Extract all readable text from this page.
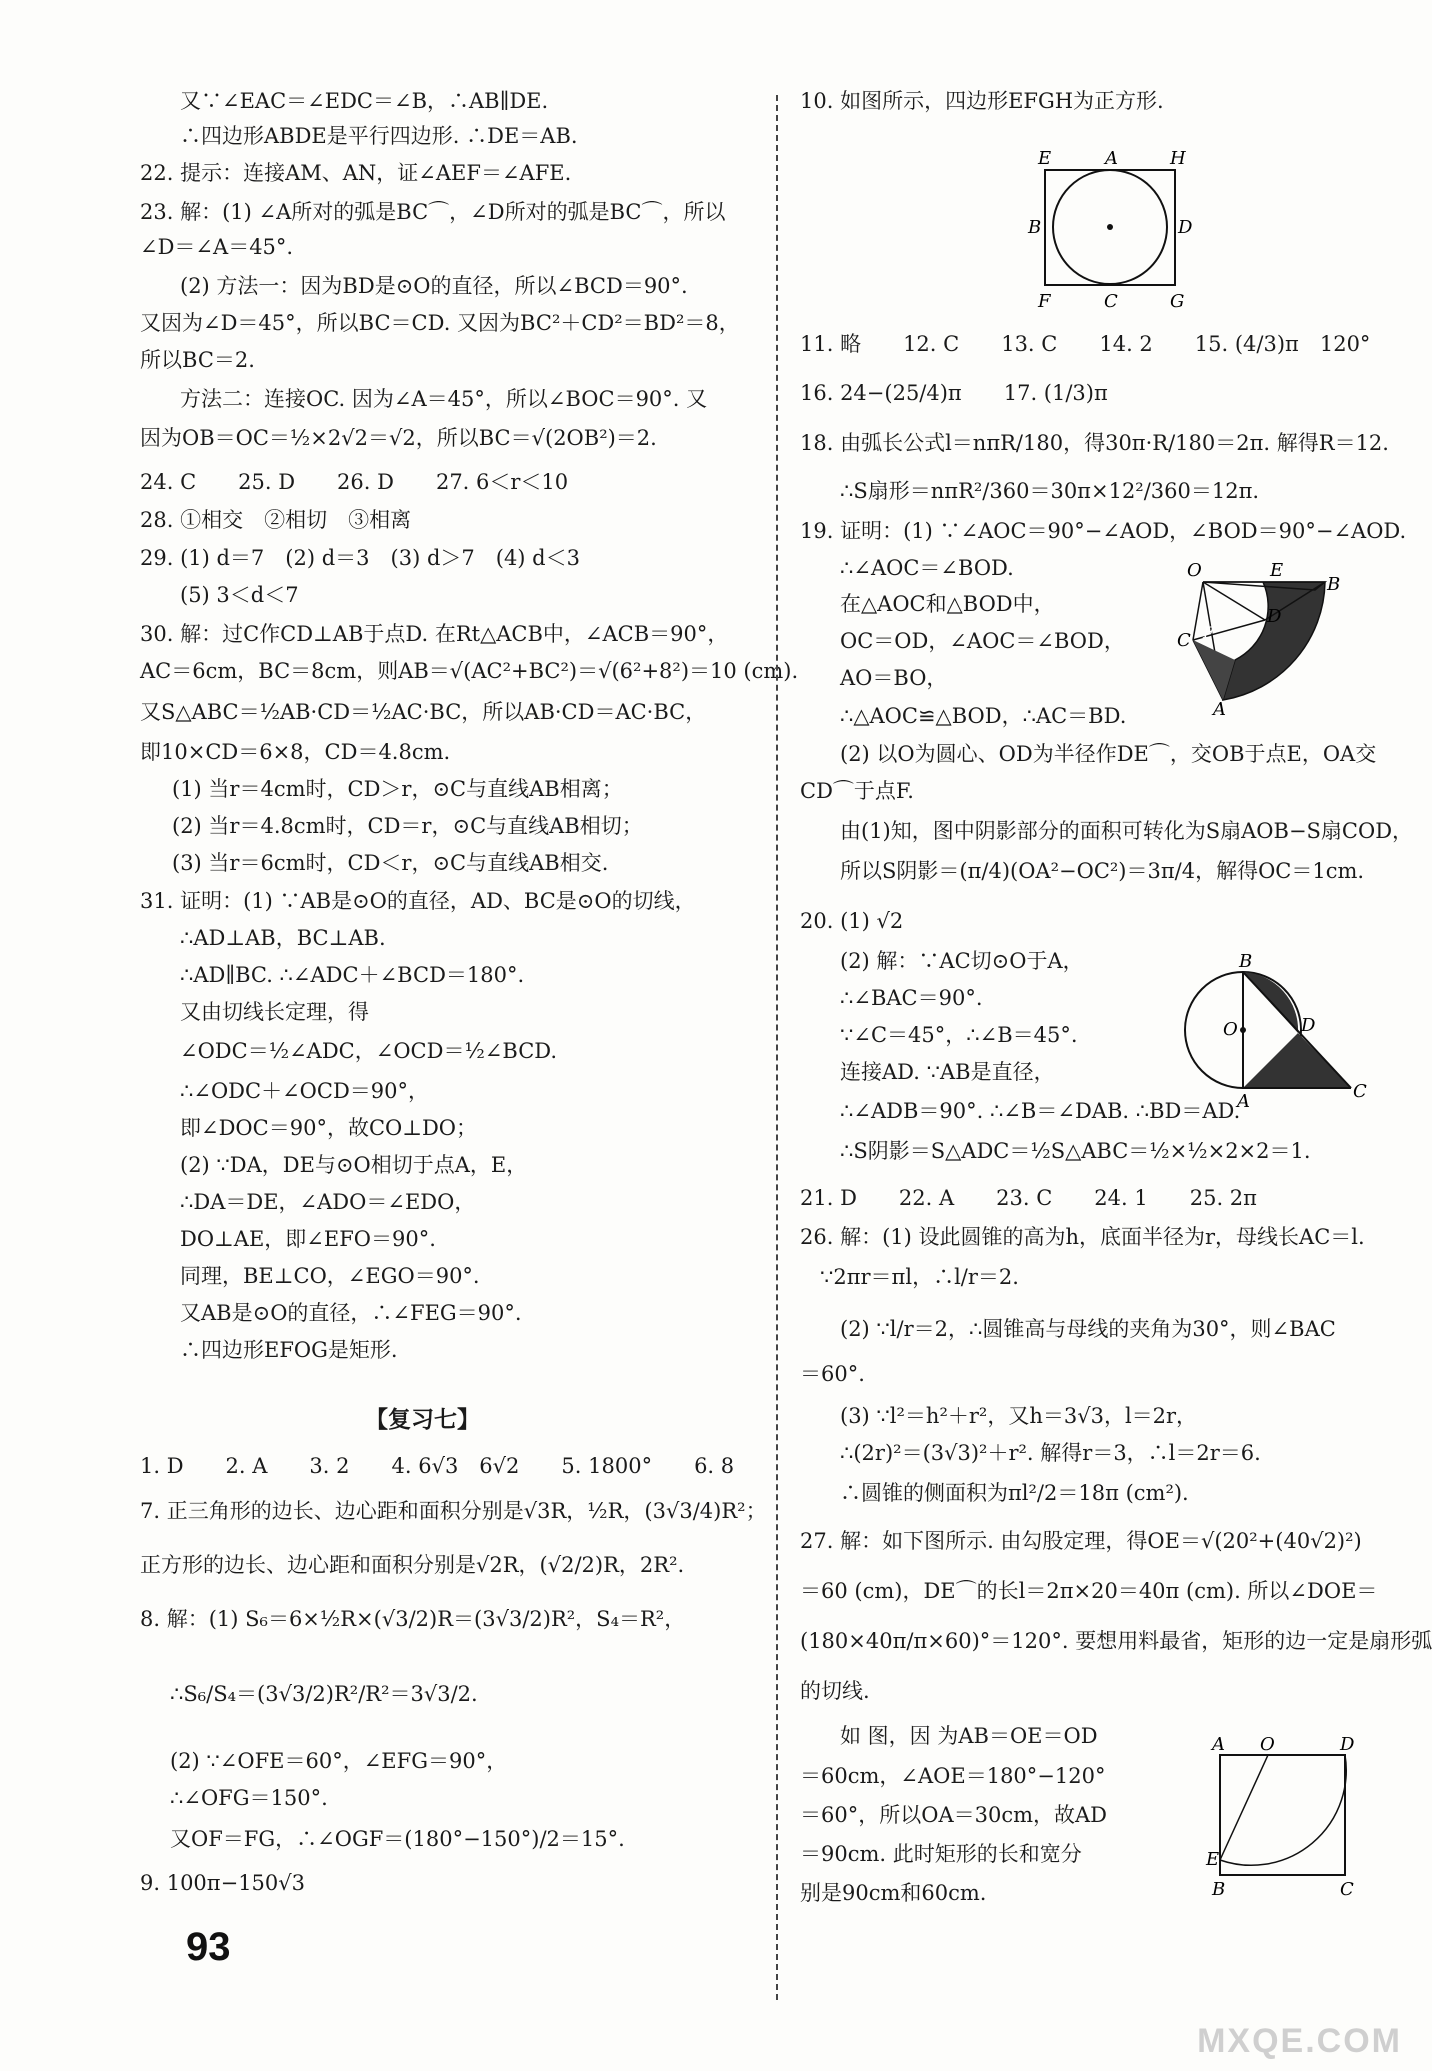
又∵∠EAC＝∠EDC＝∠B，∴AB∥DE.
∴四边形ABDE是平行四边形. ∴DE＝AB.
22. 提示：连接AM、AN，证∠AEF＝∠AFE.
23. 解：(1) ∠A所对的弧是BC⌒，∠D所对的弧是BC⌒，所以
∠D＝∠A＝45°.
(2) 方法一：因为BD是⊙O的直径，所以∠BCD＝90°.
又因为∠D＝45°，所以BC＝CD. 又因为BC²＋CD²＝BD²＝8，
所以BC＝2.
方法二：连接OC. 因为∠A＝45°，所以∠BOC＝90°. 又
因为OB＝OC＝½×2√2＝√2，所以BC＝√(2OB²)＝2.
24. C　　25. D　　26. D　　27. 6＜r＜10
28. ①相交　②相切　③相离
29. (1) d＝7　(2) d＝3　(3) d＞7　(4) d＜3
(5) 3＜d＜7
30. 解：过C作CD⊥AB于点D. 在Rt△ACB中，∠ACB＝90°，
AC＝6cm，BC＝8cm，则AB＝√(AC²+BC²)＝√(6²+8²)＝10 (cm).
又S△ABC＝½AB·CD＝½AC·BC，所以AB·CD＝AC·BC，
即10×CD＝6×8，CD＝4.8cm.
(1) 当r＝4cm时，CD＞r，⊙C与直线AB相离；
(2) 当r＝4.8cm时，CD＝r，⊙C与直线AB相切；
(3) 当r＝6cm时，CD＜r，⊙C与直线AB相交.
31. 证明：(1) ∵AB是⊙O的直径，AD、BC是⊙O的切线，
∴AD⊥AB，BC⊥AB.
∴AD∥BC. ∴∠ADC＋∠BCD＝180°.
又由切线长定理，得
∠ODC＝½∠ADC，∠OCD＝½∠BCD.
∴∠ODC＋∠OCD＝90°，
即∠DOC＝90°，故CO⊥DO；
(2) ∵DA，DE与⊙O相切于点A，E，
∴DA＝DE，∠ADO＝∠EDO，
DO⊥AE，即∠EFO＝90°.
同理，BE⊥CO，∠EGO＝90°.
又AB是⊙O的直径，∴∠FEG＝90°.
∴四边形EFOG是矩形.
【复习七】
1. D　　2. A　　3. 2　　4. 6√3　6√2　　5. 1800°　　6. 8
7. 正三角形的边长、边心距和面积分别是√3R，½R，(3√3/4)R²；
正方形的边长、边心距和面积分别是√2R，(√2/2)R，2R².
8. 解：(1) S₆＝6×½R×(√3/2)R＝(3√3/2)R²，S₄＝R²，
∴S₆/S₄＝(3√3/2)R²/R²＝3√3/2.
(2) ∵∠OFE＝60°，∠EFG＝90°，
∴∠OFG＝150°.
又OF＝FG，∴∠OGF＝(180°−150°)/2＝15°.
9. 100π−150√3
10. 如图所示，四边形EFGH为正方形.
11. 略　　12. C　　13. C　　14. 2　　15. (4/3)π　120°
16. 24−(25/4)π　　17. (1/3)π
18. 由弧长公式l＝nπR/180，得30π·R/180＝2π. 解得R＝12.
∴S扇形＝nπR²/360＝30π×12²/360＝12π.
19. 证明：(1) ∵∠AOC＝90°−∠AOD，∠BOD＝90°−∠AOD.
∴∠AOC＝∠BOD.
在△AOC和△BOD中，
OC＝OD，∠AOC＝∠BOD，
AO＝BO，
∴△AOC≌△BOD，∴AC＝BD.
(2) 以O为圆心、OD为半径作DE⌒，交OB于点E，OA交
CD⌒于点F.
由(1)知，图中阴影部分的面积可转化为S扇AOB−S扇COD，
所以S阴影＝(π/4)(OA²−OC²)＝3π/4，解得OC＝1cm.
20. (1) √2
(2) 解：∵AC切⊙O于A，
∴∠BAC＝90°.
∵∠C＝45°，∴∠B＝45°.
连接AD. ∵AB是直径，
∴∠ADB＝90°. ∴∠B＝∠DAB. ∴BD＝AD.
∴S阴影＝S△ADC＝½S△ABC＝½×½×2×2＝1.
21. D　　22. A　　23. C　　24. 1　　25. 2π
26. 解：(1) 设此圆锥的高为h，底面半径为r，母线长AC＝l.
∵2πr＝πl，∴l/r＝2.
(2) ∵l/r＝2，∴圆锥高与母线的夹角为30°，则∠BAC
＝60°.
(3) ∵l²＝h²＋r²，又h＝3√3，l＝2r，
∴(2r)²＝(3√3)²＋r². 解得r＝3，∴l＝2r＝6.
∴圆锥的侧面积为πl²/2＝18π (cm²).
27. 解：如下图所示. 由勾股定理，得OE＝√(20²+(40√2)²)
＝60 (cm)，DE⌒的长l＝2π×20＝40π (cm). 所以∠DOE＝
(180×40π/π×60)°＝120°. 要想用料最省，矩形的边一定是扇形弧
的切线.
如 图，因 为AB＝OE＝OD
＝60cm，∠AOE＝180°−120°
＝60°，所以OA＝30cm，故AD
＝90cm. 此时矩形的长和宽分
别是90cm和60cm.
E	A	H
B	D
F	C	G
O	E
B
D
C F
A
B
O	D
A	C
A O	D
E
B	C
93
MXQE.COM
